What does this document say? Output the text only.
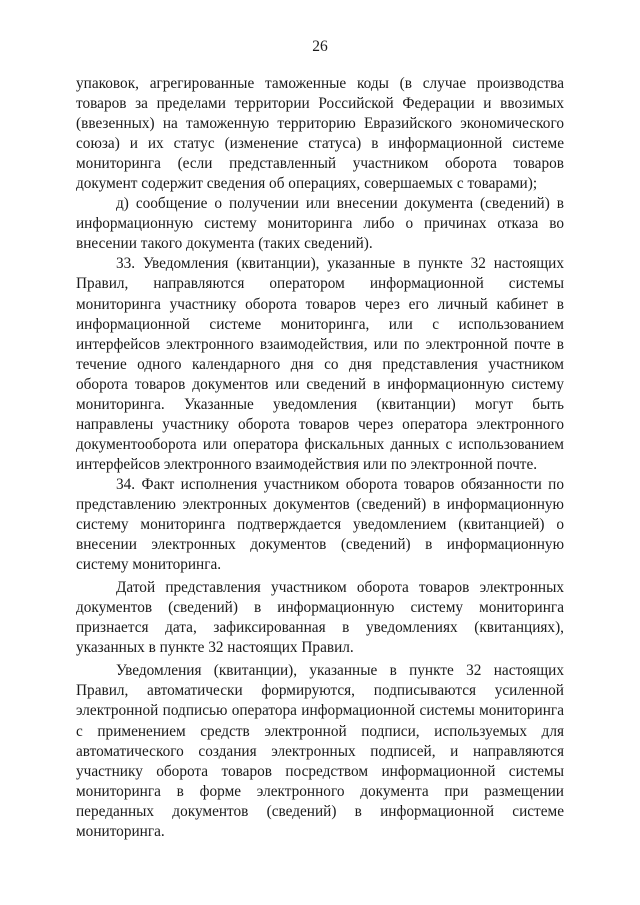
26

упаковок, агрегированные таможенные коды (в случае производства товаров за пределами территории Российской Федерации и ввозимых (ввезенных) на таможенную территорию Евразийского экономического союза) и их статус (изменение статуса) в информационной системе мониторинга (если представленный участником оборота товаров документ содержит сведения об операциях, совершаемых с товарами);

д) сообщение о получении или внесении документа (сведений) в информационную систему мониторинга либо о причинах отказа во внесении такого документа (таких сведений).

33. Уведомления (квитанции), указанные в пункте 32 настоящих Правил, направляются оператором информационной системы мониторинга участнику оборота товаров через его личный кабинет в информационной системе мониторинга, или с использованием интерфейсов электронного взаимодействия, или по электронной почте в течение одного календарного дня со дня представления участником оборота товаров документов или сведений в информационную систему мониторинга. Указанные уведомления (квитанции) могут быть направлены участнику оборота товаров через оператора электронного документооборота или оператора фискальных данных с использованием интерфейсов электронного взаимодействия или по электронной почте.

34. Факт исполнения участником оборота товаров обязанности по представлению электронных документов (сведений) в информационную систему мониторинга подтверждается уведомлением (квитанцией) о внесении электронных документов (сведений) в информационную систему мониторинга.

Датой представления участником оборота товаров электронных документов (сведений) в информационную систему мониторинга признается дата, зафиксированная в уведомлениях (квитанциях), указанных в пункте 32 настоящих Правил.

Уведомления (квитанции), указанные в пункте 32 настоящих Правил, автоматически формируются, подписываются усиленной электронной подписью оператора информационной системы мониторинга с применением средств электронной подписи, используемых для автоматического создания электронных подписей, и направляются участнику оборота товаров посредством информационной системы мониторинга в форме электронного документа при размещении переданных документов (сведений) в информационной системе мониторинга.
